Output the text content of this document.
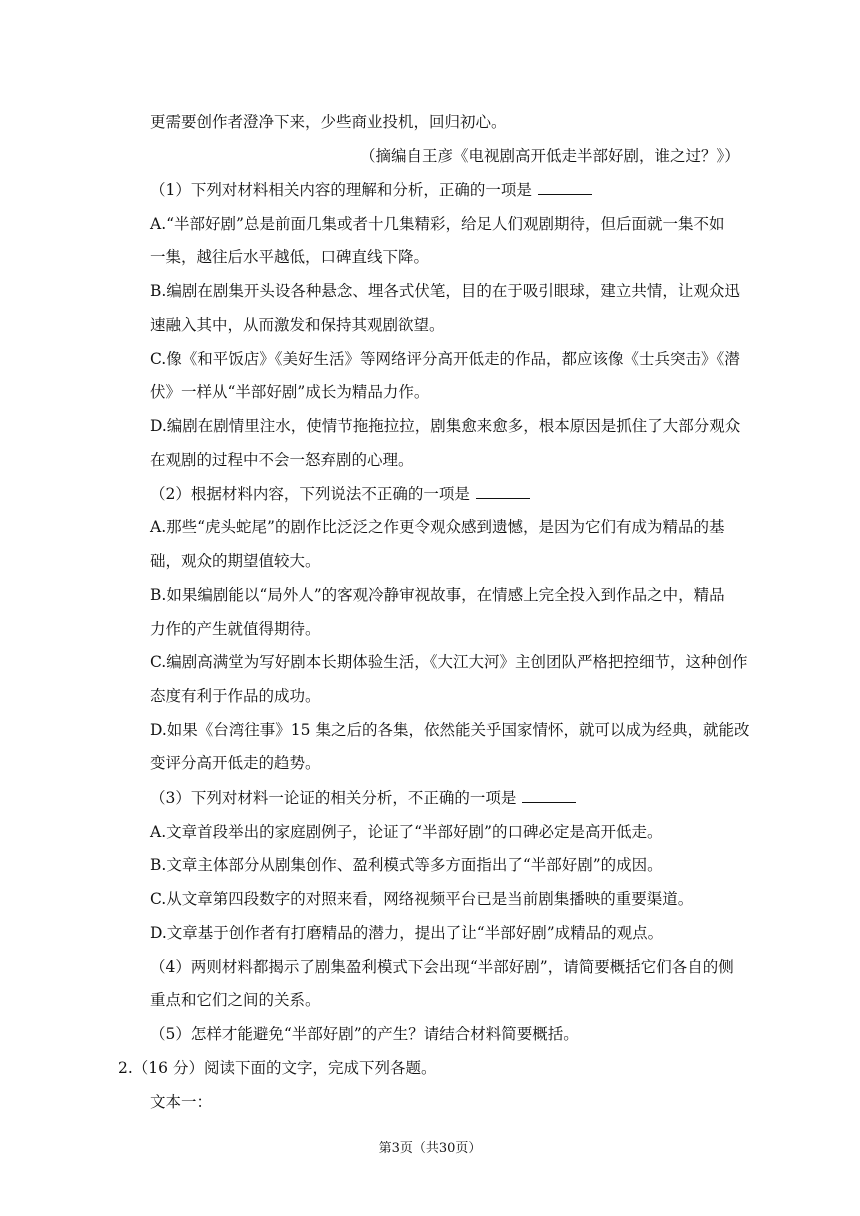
更需要创作者澄净下来，少些商业投机，回归初心。
（摘编自王彦《电视剧高开低走半部好剧，谁之过？》）
（1）下列对材料相关内容的理解和分析，正确的一项是
A.“半部好剧”总是前面几集或者十几集精彩，给足人们观剧期待，但后面就一集不如
一集，越往后水平越低，口碑直线下降。
B.编剧在剧集开头设各种悬念、埋各式伏笔，目的在于吸引眼球，建立共情，让观众迅
速融入其中，从而激发和保持其观剧欲望。
C.像《和平饭店》《美好生活》等网络评分高开低走的作品，都应该像《士兵突击》《潜
伏》一样从“半部好剧”成长为精品力作。
D.编剧在剧情里注水，使情节拖拖拉拉，剧集愈来愈多，根本原因是抓住了大部分观众
在观剧的过程中不会一怒弃剧的心理。
（2）根据材料内容，下列说法不正确的一项是
A.那些“虎头蛇尾”的剧作比泛泛之作更令观众感到遗憾，是因为它们有成为精品的基
础，观众的期望值较大。
B.如果编剧能以“局外人”的客观冷静审视故事，在情感上完全投入到作品之中，精品
力作的产生就值得期待。
C.编剧高满堂为写好剧本长期体验生活，《大江大河》主创团队严格把控细节，这种创作
态度有利于作品的成功。
D.如果《台湾往事》15 集之后的各集，依然能关乎国家情怀，就可以成为经典，就能改
变评分高开低走的趋势。
（3）下列对材料一论证的相关分析，不正确的一项是
A.文章首段举出的家庭剧例子，论证了“半部好剧”的口碑必定是高开低走。
B.文章主体部分从剧集创作、盈利模式等多方面指出了“半部好剧”的成因。
C.从文章第四段数字的对照来看，网络视频平台已是当前剧集播映的重要渠道。
D.文章基于创作者有打磨精品的潜力，提出了让“半部好剧”成精品的观点。
（4）两则材料都揭示了剧集盈利模式下会出现“半部好剧”，请简要概括它们各自的侧
重点和它们之间的关系。
（5）怎样才能避免“半部好剧”的产生？请结合材料简要概括。
2.（16 分）阅读下面的文字，完成下列各题。
文本一：
第3页（共30页）
